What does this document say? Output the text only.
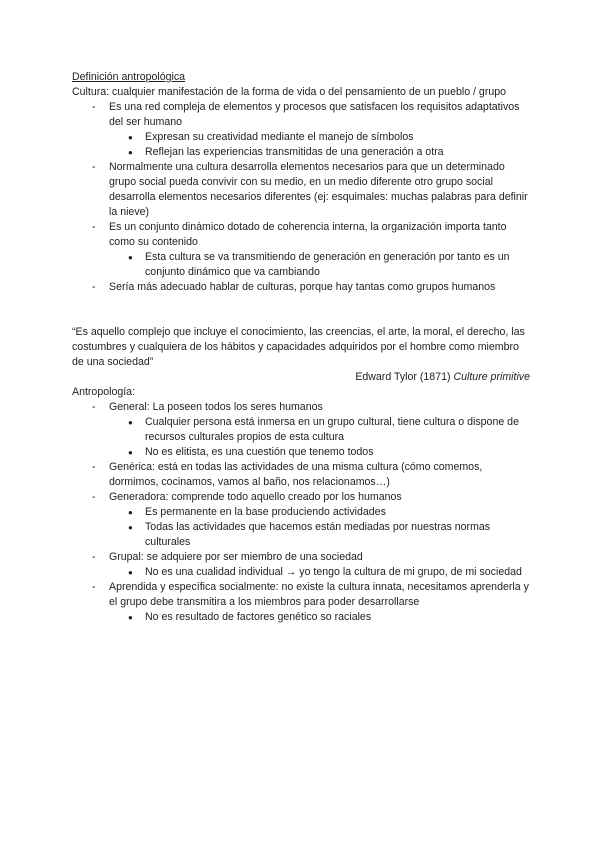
Definición antropológica

Cultura: cualquier manifestación de la forma de vida o del pensamiento de un pueblo / grupo

- Es una red compleja de elementos y procesos que satisfacen los requisitos adaptativos del ser humano
● Expresan su creatividad mediante el manejo de símbolos
● Reflejan las experiencias transmitidas de una generación a otra
- Normalmente una cultura desarrolla elementos necesarios para que un determinado grupo social pueda convivir con su medio, en un medio diferente otro grupo social desarrolla elementos necesarios diferentes (ej: esquimales: muchas palabras para definir la nieve)
- Es un conjunto dinámico dotado de coherencia interna, la organización importa tanto como su contenido
● Esta cultura se va transmitiendo de generación en generación por tanto es un conjunto dinámico que va cambiando
- Sería más adecuado hablar de culturas, porque hay tantas como grupos humanos

“Es aquello complejo que incluye el conocimiento, las creencias, el arte, la moral, el derecho, las costumbres y cualquiera de los hábitos y capacidades adquiridos por el hombre como miembro de una sociedad”

Edward Tylor (1871) Culture primitive

Antropología:

- General: La poseen todos los seres humanos
● Cualquier persona está inmersa en un grupo cultural, tiene cultura o dispone de recursos culturales propios de esta cultura
● No es elitista, es una cuestión que tenemo todos
- Genérica: está en todas las actividades de una misma cultura (cómo comemos, dormimos, cocinamos, vamos al baño, nos relacionamos…)
- Generadora: comprende todo aquello creado por los humanos
● Es permanente en la base produciendo actividades
● Todas las actividades que hacemos están mediadas por nuestras normas culturales
- Grupal: se adquiere por ser miembro de una sociedad
● No es una cualidad individual → yo tengo la cultura de mi grupo, de mi sociedad
- Aprendida y específica socialmente: no existe la cultura innata, necesitamos aprenderla y el grupo debe transmitira a los miembros para poder desarrollarse
● No es resultado de factores genético so raciales
